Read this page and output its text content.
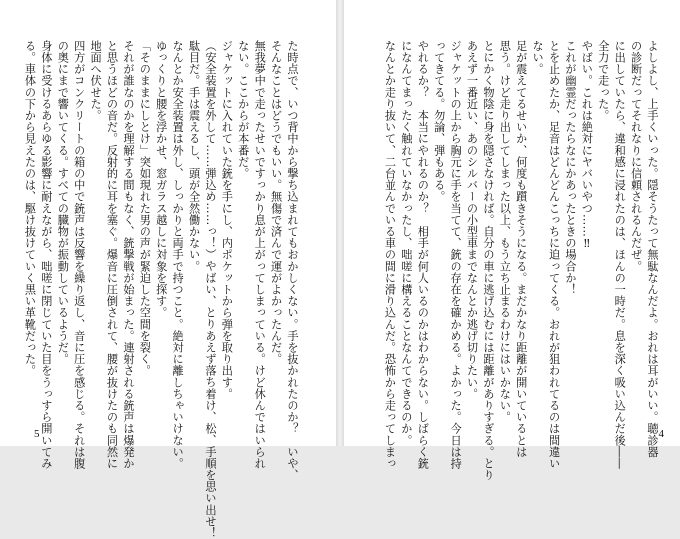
た時点で、いつ背中から撃ち込まれてもおかしくない。手を抜かれたのか？　いや、
そんなことはどうでもいい。無傷で済んで運がよかったんだ。
無我夢中で走ったせいですっかり息が上がってしまっている。けど休んではいられ
ない。ここからが本番だ。
ジャケットに入れていた銃を手にし、内ポケットから弾を取り出す。
（安全装置を外して……弾込め……っ！）やばい、とりあえず落ち着け、松、手順を思い出せ！
駄目だ。手は震えるし、頭が全然働かない。
なんとか安全装置は外し、しっかりと両手で持つこと。絶対に離しちゃいけない。
ゆっくりと腰を浮かせ、窓ガラス越しに対象を探す。
「そのままにしとけ」突如現れた男の声が緊迫した空間を裂く。
それが誰なのかを理解する間もなく、銃撃戦が始まった。連射される銃声は爆発か
と思うほどの音だ。反射的に耳を塞ぐ。爆音に圧倒されて、腰が抜けたのも同然に
地面へ伏せた。
四方がコンクリートの箱の中で銃声は反響を繰り返し、音に圧を感じる。それは腹
の奥にまで響いてくる。すべての臓物が振動しているようだ。
身体に受けるあらゆる影響に耐えながら、咄嗟に閉じていた目をうっすら開いてみ
る。車体の下から見えたのは、駆け抜けていく黒い革靴だった。
5	よしよし、上手くいった。隠そうたって無駄なんだよ。おれは耳がいい。聴診器
の診断だってそれなりに信頼されるんだぜ。
に出していたら、違和感に浸れたのは、ほんの一時だ。息を深く吸い込んだ後――
全力で走った。
やばい。これは絶対にヤバいやつ……‼
これが幽霊だったらなにかあったときの場合か！
とを止めたか、足音はどんどんこっちに迫ってくる。おれが狙われてるのは間違い
ない。
足が震えてるせいか、何度も躓きそうになる。まだかなり距離が開いているとは
思う。けど走り出してしまった以上、もう立ち止まるわけにはいかない。
とにかく物陰に身を隠さなければ。自分の車に逃げ込むには距離がありすぎる。とり
あえず一番近い、あのシルバーの小型車までなんとか逃げ切りたい。
ジャケットの上から胸元に手を当てて、銃の存在を確かめる。よかった。今日は持
ってきてる。勿論、弾もある。
やれるか？　本当にやれるのか？　相手が何人いるのかはわからない。しばらく銃
になんてまったく触れていなかったし、咄嗟に構えることなんてできるのか。
なんとか走り抜いて、二台並んでいる車の間に滑り込んだ。恐怖から走ってしまっ	4
